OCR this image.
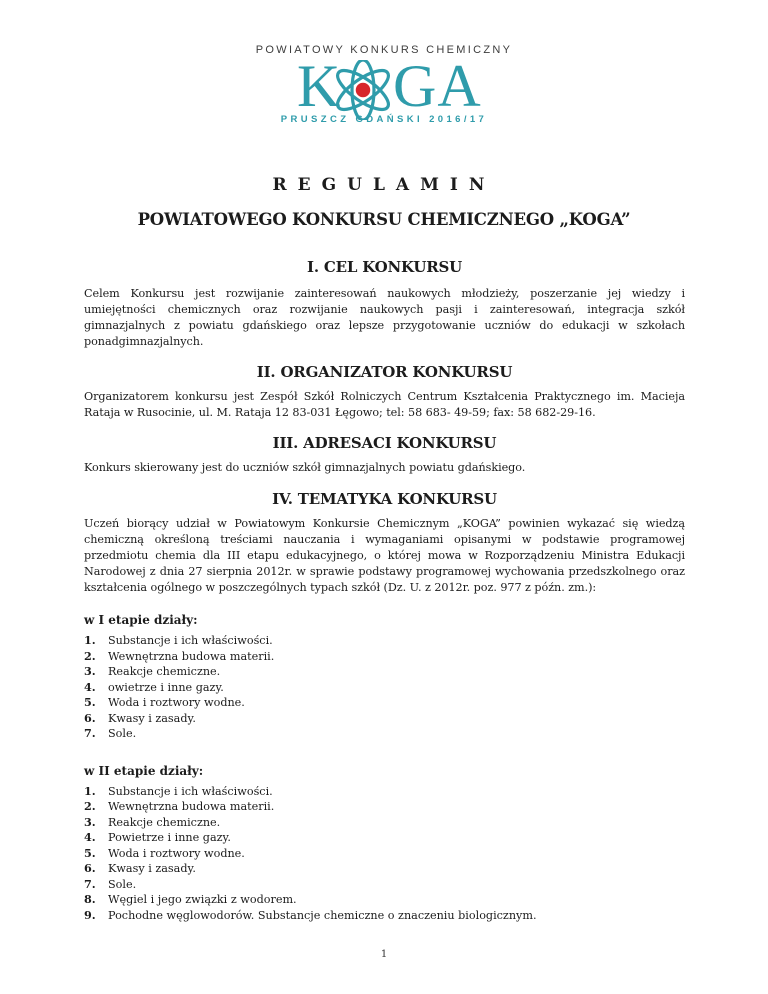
POWIATOWY KONKURS CHEMICZNY
K GA
PRUSZCZ GDAŃSKI 2016/17
REGULAMIN
POWIATOWEGO KONKURSU CHEMICZNEGO „KOGA”
I. CEL KONKURSU

Celem Konkursu jest rozwijanie zainteresowań naukowych młodzieży, poszerzanie jej wiedzy i umiejętności chemicznych oraz rozwijanie naukowych pasji i zainteresowań, integracja szkół gimnazjalnych z powiatu gdańskiego oraz lepsze przygotowanie uczniów do edukacji w szkołach ponadgimnazjalnych.

II. ORGANIZATOR KONKURSU

Organizatorem konkursu jest Zespół Szkół Rolniczych Centrum Kształcenia Praktycznego im. Macieja Rataja w Rusocinie, ul. M. Rataja 12 83-031 Łęgowo; tel: 58 683- 49-59; fax: 58 682-29-16.

III. ADRESACI KONKURSU

Konkurs skierowany jest do uczniów szkół gimnazjalnych powiatu gdańskiego.

IV. TEMATYKA KONKURSU

Uczeń biorący udział w Powiatowym Konkursie Chemicznym „KOGA” powinien wykazać się wiedzą chemiczną określoną treściami nauczania i wymaganiami opisanymi w podstawie programowej przedmiotu chemia dla III etapu edukacyjnego, o której mowa w Rozporządzeniu Ministra Edukacji Narodowej z dnia 27 sierpnia 2012r. w sprawie podstawy programowej wychowania przedszkolnego oraz kształcenia ogólnego w poszczególnych typach szkół (Dz. U. z 2012r. poz. 977 z późn. zm.):

w I etapie działy:
1.	Substancje i ich właściwości.
2.	Wewnętrzna budowa materii.
3.	Reakcje chemiczne.
4.	owietrze i inne gazy.
5.	Woda i roztwory wodne.
6.	Kwasy i zasady.
7.	Sole.
w II etapie działy:
1.	Substancje i ich właściwości.
2.	Wewnętrzna budowa materii.
3.	Reakcje chemiczne.
4.	Powietrze i inne gazy.
5.	Woda i roztwory wodne.
6.	Kwasy i zasady.
7.	Sole.
8.	Węgiel i jego związki z wodorem.
9.	Pochodne węglowodorów. Substancje chemiczne o znaczeniu biologicznym.
1
